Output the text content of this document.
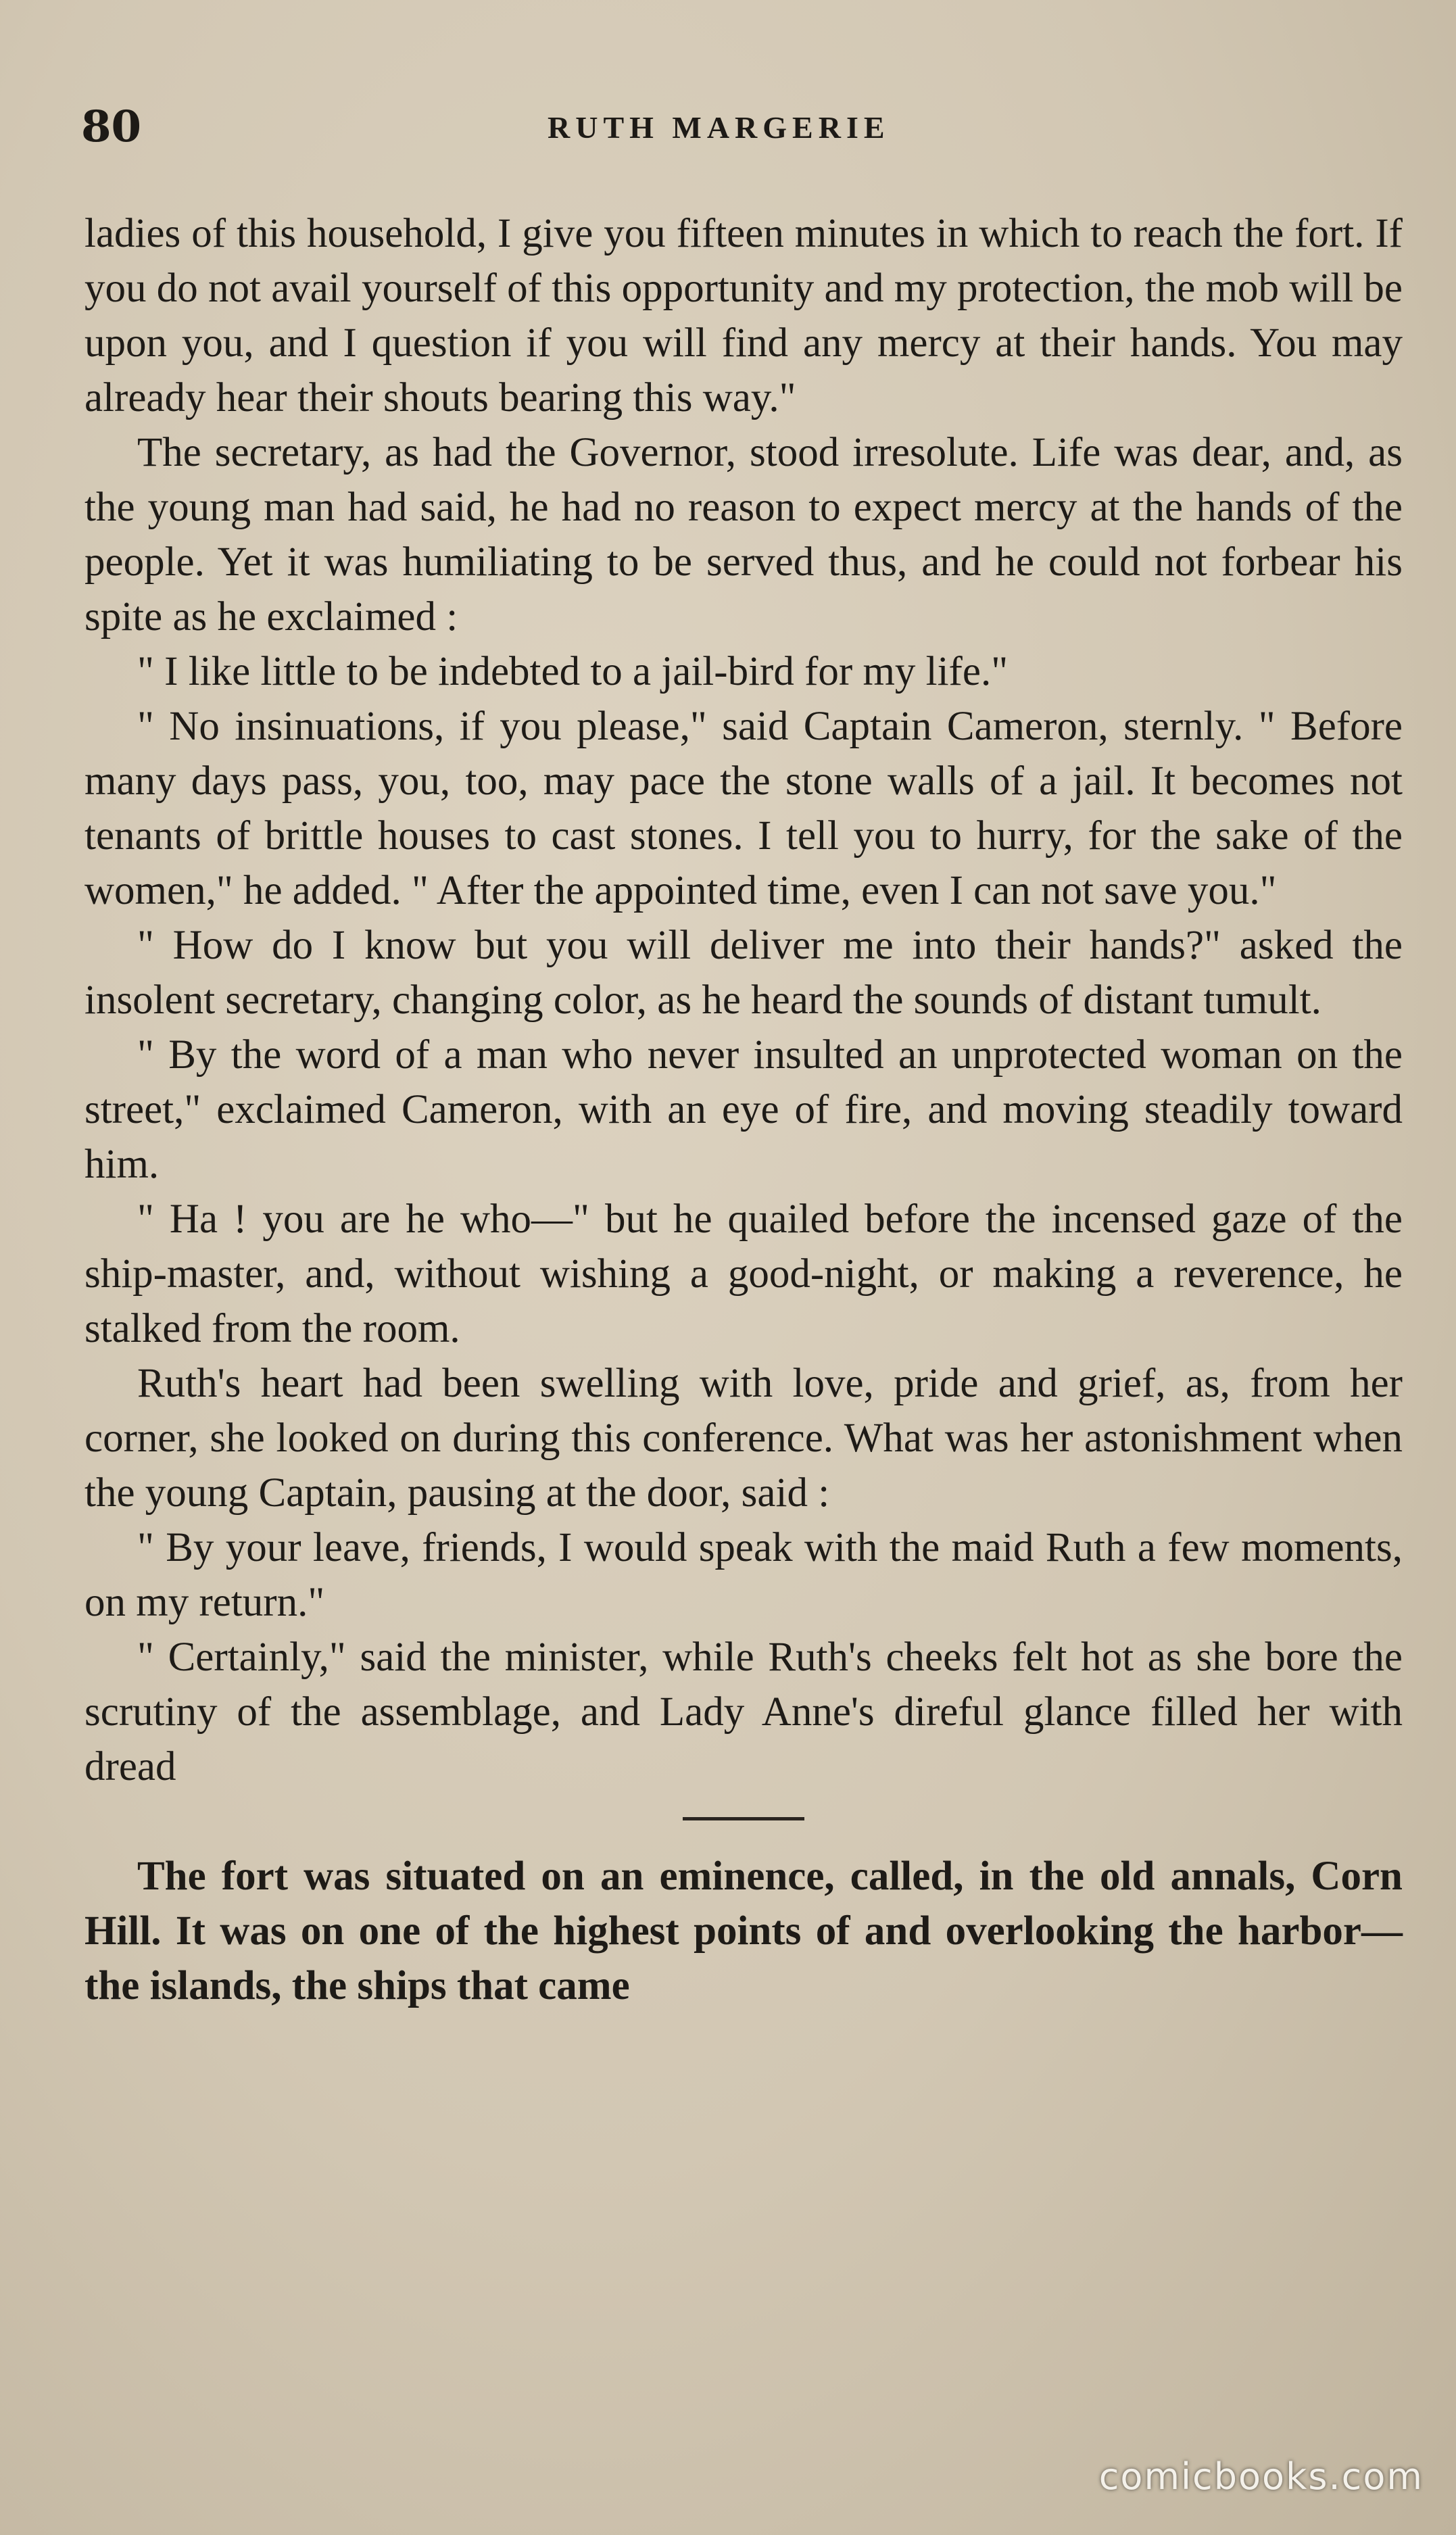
80	RUTH MARGERIE

ladies of this household, I give you fifteen minutes in which to reach the fort. If you do not avail yourself of this opportunity and my protection, the mob will be upon you, and I question if you will find any mercy at their hands. You may already hear their shouts bearing this way."

The secretary, as had the Governor, stood irresolute. Life was dear, and, as the young man had said, he had no reason to expect mercy at the hands of the people. Yet it was humiliating to be served thus, and he could not forbear his spite as he exclaimed :

" I like little to be indebted to a jail-bird for my life."

" No insinuations, if you please," said Captain Cameron, sternly. " Before many days pass, you, too, may pace the stone walls of a jail. It becomes not tenants of brittle houses to cast stones. I tell you to hurry, for the sake of the women," he added. " After the appointed time, even I can not save you."

" How do I know but you will deliver me into their hands?" asked the insolent secretary, changing color, as he heard the sounds of distant tumult.

" By the word of a man who never insulted an unprotected woman on the street," exclaimed Cameron, with an eye of fire, and moving steadily toward him.

" Ha ! you are he who—" but he quailed before the incensed gaze of the ship-master, and, without wishing a good-night, or making a reverence, he stalked from the room.

Ruth's heart had been swelling with love, pride and grief, as, from her corner, she looked on during this conference. What was her astonishment when the young Captain, pausing at the door, said :

" By your leave, friends, I would speak with the maid Ruth a few moments, on my return."

" Certainly," said the minister, while Ruth's cheeks felt hot as she bore the scrutiny of the assemblage, and Lady Anne's direful glance filled her with dread

The fort was situated on an eminence, called, in the old annals, Corn Hill. It was on one of the highest points of and overlooking the harbor—the islands, the ships that came

comicbooks.com
